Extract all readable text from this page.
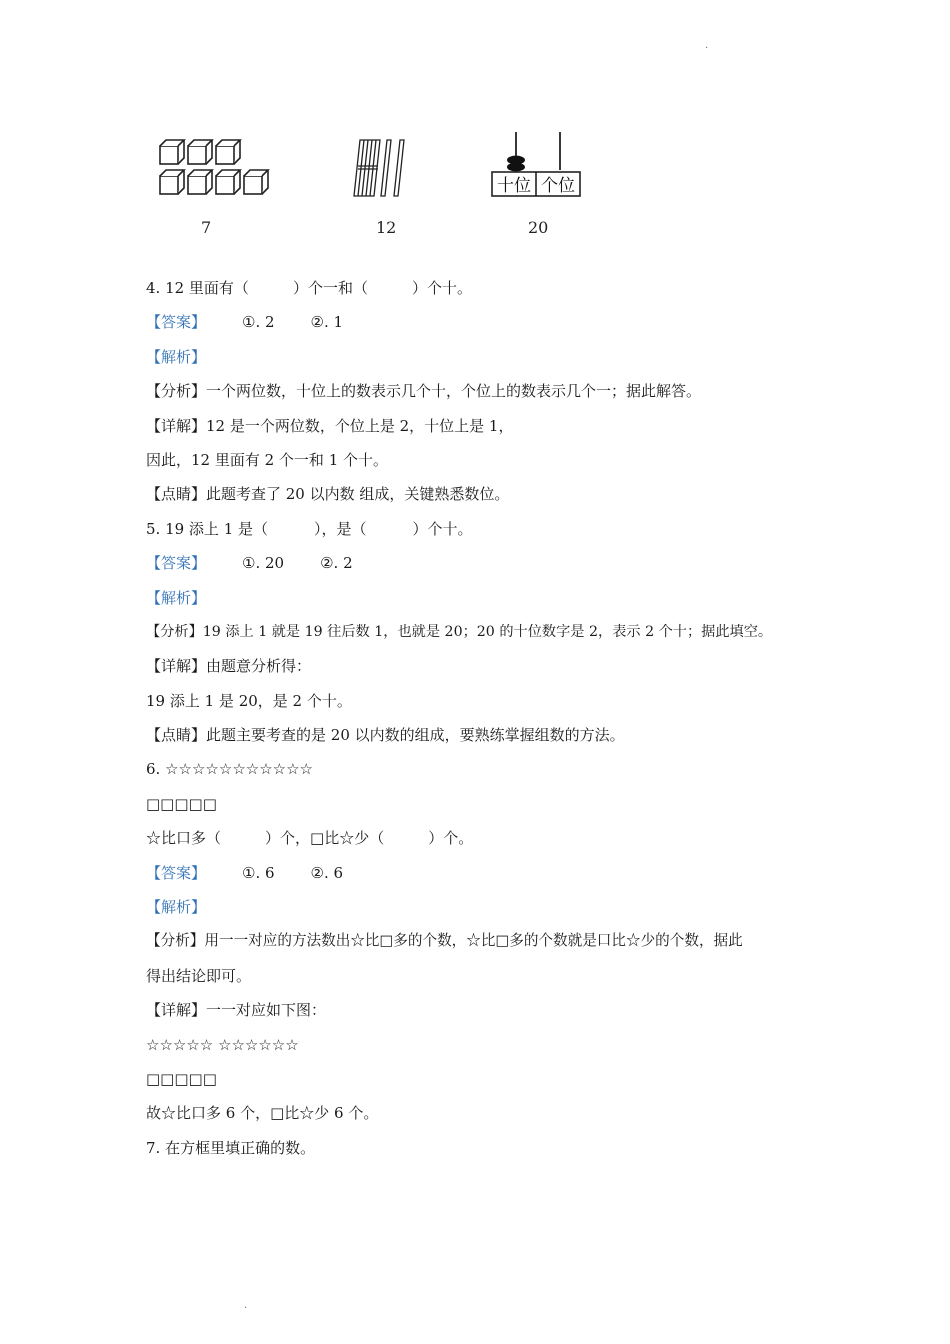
.
.
7	12
十位 个位
20
4. 12 里面有（	）个一和（	）个十。
【答案】 ①. 2 ②. 1
【解析】
【分析】一个两位数，十位上的数表示几个十，个位上的数表示几个一；据此解答。
【详解】12 是一个两位数，个位上是 2，十位上是 1，
因此，12 里面有 2 个一和 1 个十。
【点睛】此题考查了 20 以内数 组成，关键熟悉数位。
5. 19 添上 1 是（	），是（	）个十。
【答案】 ①. 20 ②. 2
【解析】
【分析】19 添上 1 就是 19 往后数 1，也就是 20；20 的十位数字是 2，表示 2 个十；据此填空。
【详解】由题意分析得：
19 添上 1 是 20，是 2 个十。
【点睛】此题主要考查的是 20 以内数的组成，要熟练掌握组数的方法。
6. ☆☆☆☆☆☆☆☆☆☆☆
□□□□□
☆比口多（	）个，□比☆少（	）个。
【答案】 ①. 6 ②. 6
【解析】
【分析】用一一对应的方法数出☆比□多的个数，☆比□多的个数就是口比☆少的个数，据此
得出结论即可。
【详解】一一对应如下图：
☆☆☆☆☆ ☆☆☆☆☆☆
□□□□□
故☆比口多 6 个，□比☆少 6 个。
7. 在方框里填正确的数。
